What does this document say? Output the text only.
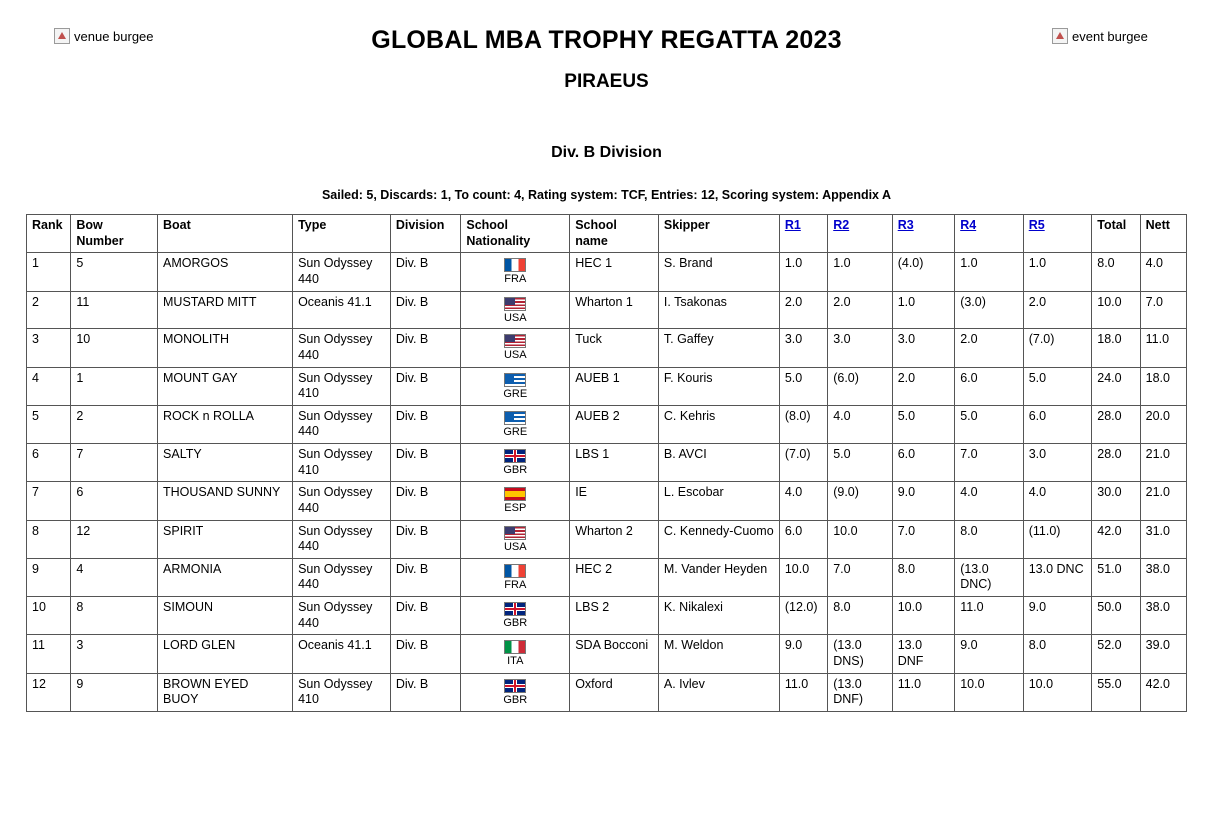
venue burgee	event burgee
GLOBAL MBA TROPHY REGATTA 2023
PIRAEUS
Div. B Division
Sailed: 5, Discards: 1, To count: 4, Rating system: TCF, Entries: 12, Scoring system: Appendix A
Rank	Bow Number	Boat	Type	Division	School Nationality	School name	Skipper	R1	R2	R3	R4	R5	Total	Nett
1	5	AMORGOS	Sun Odyssey 440	Div. B	FRA	HEC 1	S. Brand	1.0	1.0	(4.0)	1.0	1.0	8.0	4.0
2	11	MUSTARD MITT	Oceanis 41.1	Div. B	USA	Wharton 1	I. Tsakonas	2.0	2.0	1.0	(3.0)	2.0	10.0	7.0
3	10	MONOLITH	Sun Odyssey 440	Div. B	USA	Tuck	T. Gaffey	3.0	3.0	3.0	2.0	(7.0)	18.0	11.0
4	1	MOUNT GAY	Sun Odyssey 410	Div. B	GRE	AUEB 1	F. Kouris	5.0	(6.0)	2.0	6.0	5.0	24.0	18.0
5	2	ROCK n ROLLA	Sun Odyssey 440	Div. B	GRE	AUEB 2	C. Kehris	(8.0)	4.0	5.0	5.0	6.0	28.0	20.0
6	7	SALTY	Sun Odyssey 410	Div. B	GBR	LBS 1	B. AVCI	(7.0)	5.0	6.0	7.0	3.0	28.0	21.0
7	6	THOUSAND SUNNY	Sun Odyssey 440	Div. B	ESP	IE	L. Escobar	4.0	(9.0)	9.0	4.0	4.0	30.0	21.0
8	12	SPIRIT	Sun Odyssey 440	Div. B	USA	Wharton 2	C. Kennedy-Cuomo	6.0	10.0	7.0	8.0	(11.0)	42.0	31.0
9	4	ARMONIA	Sun Odyssey 440	Div. B	FRA	HEC 2	M. Vander Heyden	10.0	7.0	8.0	(13.0 DNC)	13.0 DNC	51.0	38.0
10	8	SIMOUN	Sun Odyssey 440	Div. B	GBR	LBS 2	K. Nikalexi	(12.0)	8.0	10.0	11.0	9.0	50.0	38.0
11	3	LORD GLEN	Oceanis 41.1	Div. B	ITA	SDA Bocconi	M. Weldon	9.0	(13.0 DNS)	13.0 DNF	9.0	8.0	52.0	39.0
12	9	BROWN EYED BUOY	Sun Odyssey 410	Div. B	GBR	Oxford	A. Ivlev	11.0	(13.0 DNF)	11.0	10.0	10.0	55.0	42.0
